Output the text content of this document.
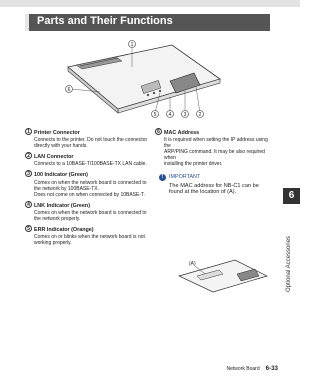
Parts and Their Functions
1
6
5 4 3 2
1 Printer Connector
Connects to the printer. Do not touch the connector
directly with your hands.
2 LAN Connector
Connects to a 10BASE-T/100BASE-TX LAN cable.
3 100 Indicator (Green)
Comes on when the network board is connected to
the network by 100BASE-TX.
Does not come on when connected by 10BASE-T.
4 LNK Indicator (Green)
Comes on when the network board is connected to
the network properly.
5 ERR Indicator (Orange)
Comes on or blinks when the network board is not
working properly.
6 MAC Address
It is required when setting the IP address using the
ARP/PING command. It may be also required when
installing the printer driver.
! IMPORTANT
The MAC address for NB-C1 can be
found at the location of (A).
(A)
6
Optional Accessories
Network Board 6-33
